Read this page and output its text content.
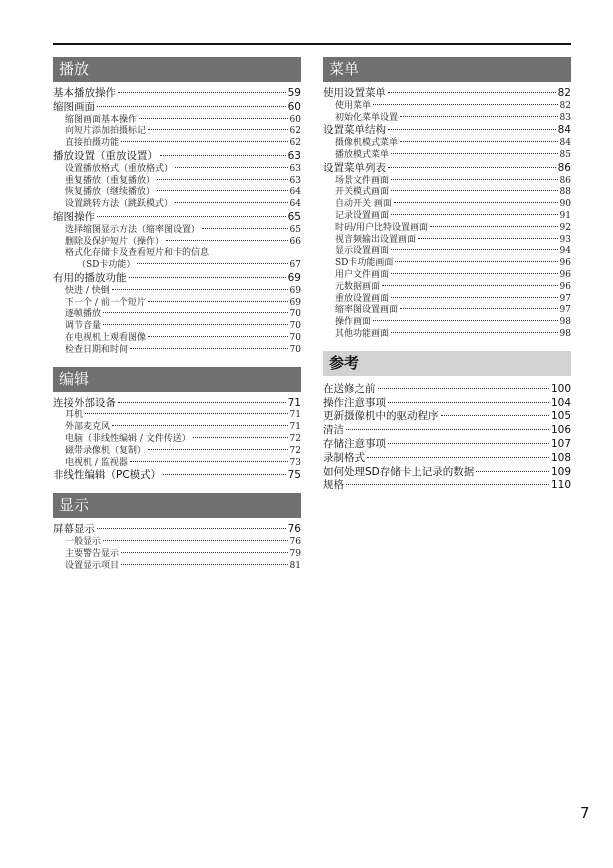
播放
基本播放操作	59
缩图画面	60
缩图画面基本操作	60
向短片添加拍摄标记	62
直接拍摄功能	62
播放设置（重放设置）	63
设置播放格式（重放格式）	63
重复播放（重复播放）	63
恢复播放（继续播放）	64
设置跳转方法（跳跃模式）	64
缩图操作	65
选择缩图显示方法（缩率图设置）	65
删除及保护短片（操作）	66
格式化存储卡及查看短片和卡的信息
（SD卡功能）	67
有用的播放功能	69
快进 / 快倒	69
下一个 / 前一个短片	69
逐帧播放	70
调节音量	70
在电视机上观看图像	70
检查日期和时间	70
编辑
连接外部设备	71
耳机	71
外部麦克风	71
电脑（非线性编辑 / 文件传送）	72
磁带录像机（复制）	72
电视机 / 监视器	73
非线性编辑（PC模式）	75
显示
屏幕显示	76
一般显示	76
主要警告显示	79
设置显示项目	81
菜单
使用设置菜单	82
使用菜单	82
初始化菜单设置	83
设置菜单结构	84
摄像机模式菜单	84
播放模式菜单	85
设置菜单列表	86
场景文件画面	86
开关模式画面	88
自动开关 画面	90
记录设置画面	91
时码/用户比特设置画面	92
视音频输出设置画面	93
显示设置画面	94
SD卡功能画面	96
用户文件画面	96
元数据画面	96
重放设置画面	97
缩率图设置画面	97
操作画面	98
其他功能画面	98
参考
在送修之前	100
操作注意事项	104
更新摄像机中的驱动程序	105
清洁	106
存储注意事项	107
录制格式	108
如何处理SD存储卡上记录的数据	109
规格	110
7
